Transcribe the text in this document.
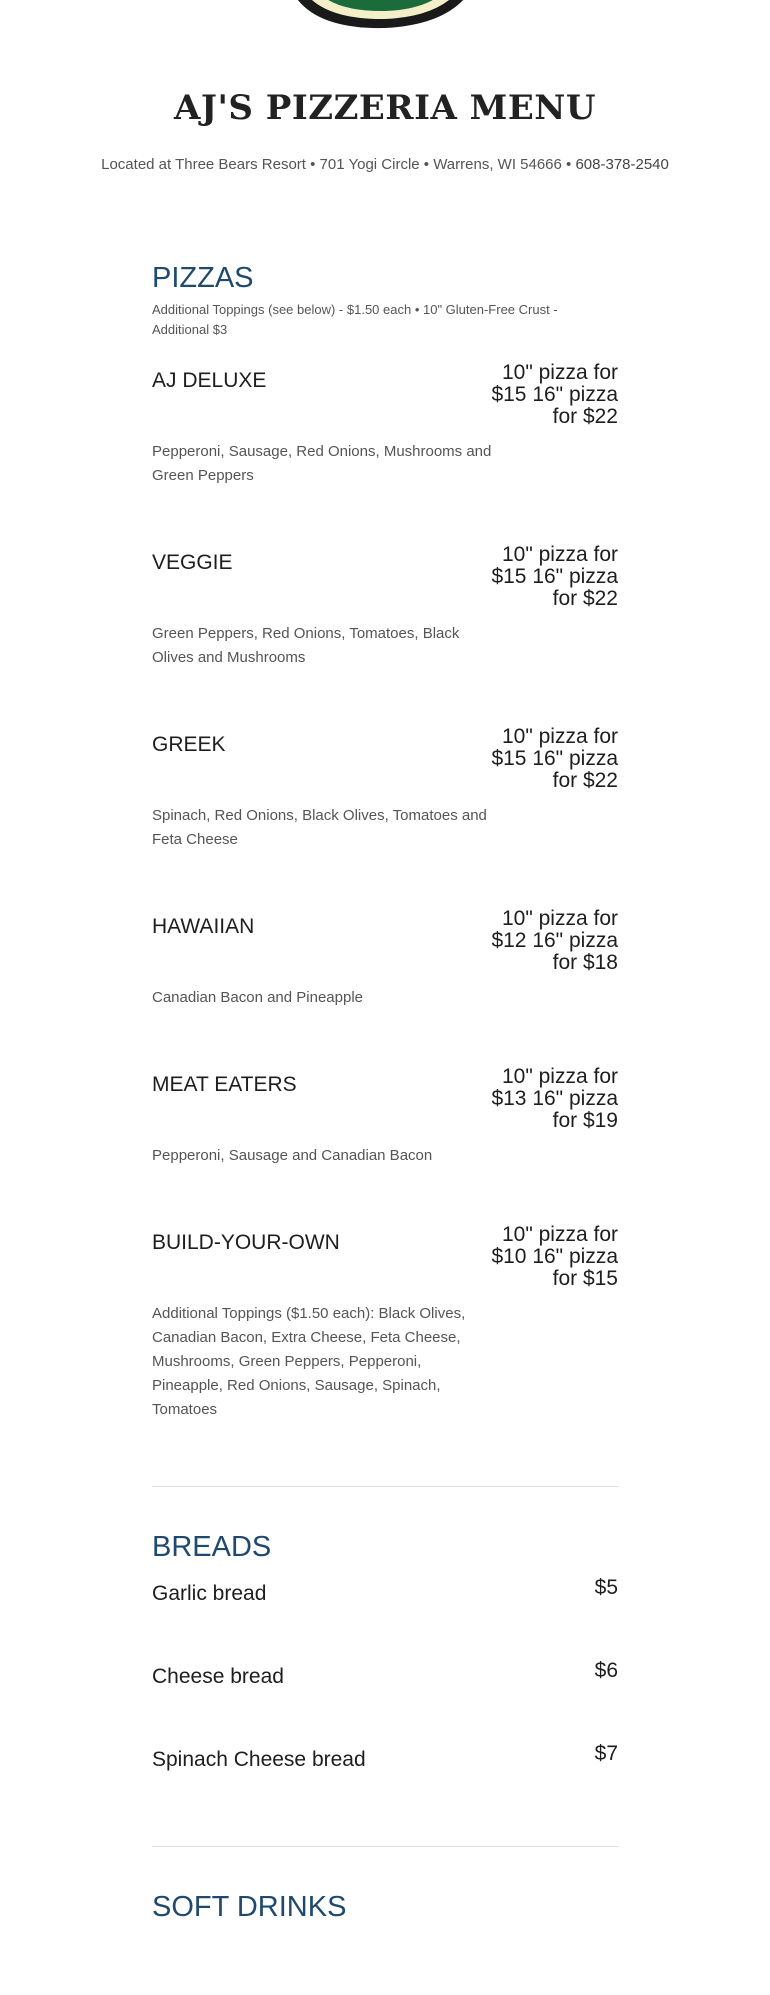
AJ'S PIZZERIA MENU
Located at Three Bears Resort • 701 Yogi Circle • Warrens, WI 54666 • 608-378-2540
PIZZAS
Additional Toppings (see below) - $1.50 each • 10" Gluten-Free Crust - Additional $3
AJ DELUXE	10" pizza for $15 16" pizza for $22
Pepperoni, Sausage, Red Onions, Mushrooms and Green Peppers
VEGGIE	10" pizza for $15 16" pizza for $22
Green Peppers, Red Onions, Tomatoes, Black Olives and Mushrooms
GREEK	10" pizza for $15 16" pizza for $22
Spinach, Red Onions, Black Olives, Tomatoes and Feta Cheese
HAWAIIAN	10" pizza for $12 16" pizza for $18
Canadian Bacon and Pineapple
MEAT EATERS	10" pizza for $13 16" pizza for $19
Pepperoni, Sausage and Canadian Bacon
BUILD-YOUR-OWN	10" pizza for $10 16" pizza for $15
Additional Toppings ($1.50 each): Black Olives, Canadian Bacon, Extra Cheese, Feta Cheese, Mushrooms, Green Peppers, Pepperoni, Pineapple, Red Onions, Sausage, Spinach, Tomatoes
BREADS
Garlic bread	$5
Cheese bread	$6
Spinach Cheese bread	$7
SOFT DRINKS
